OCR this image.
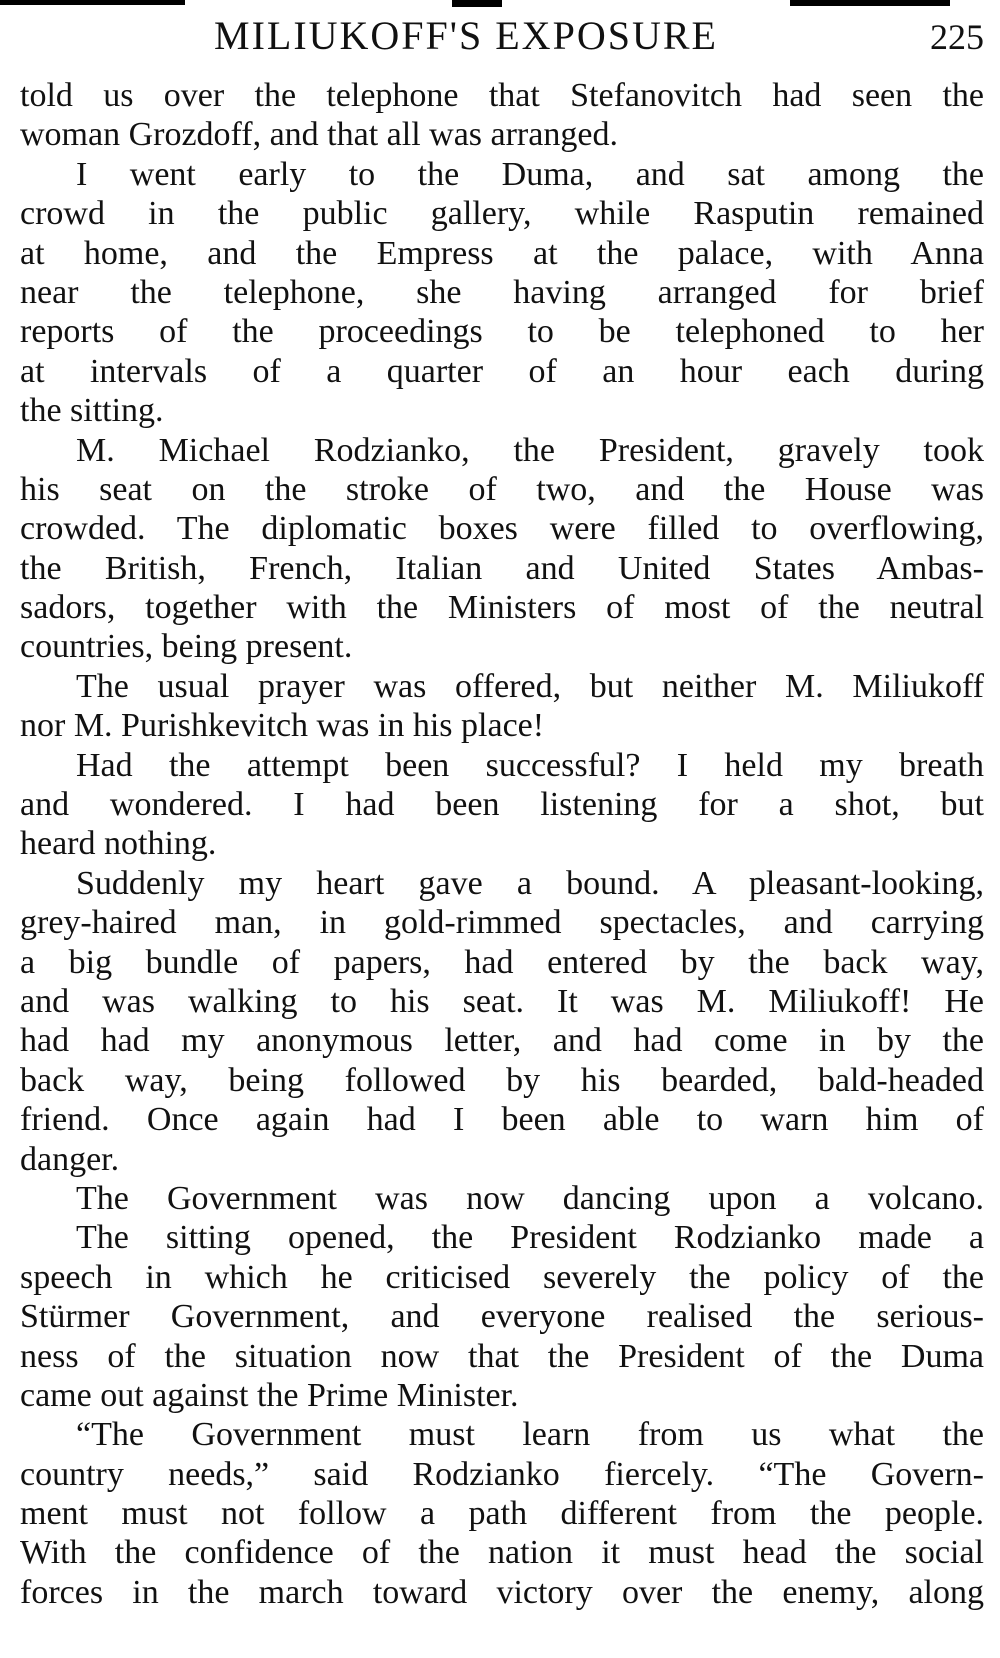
MILIUKOFF'S EXPOSURE	225
told us over the telephone that Stefanovitch had seen the
woman Grozdoff, and that all was arranged.
I went early to the Duma, and sat among the
crowd in the public gallery, while Rasputin remained
at home, and the Empress at the palace, with Anna
near the telephone, she having arranged for brief
reports of the proceedings to be telephoned to her
at intervals of a quarter of an hour each during
the sitting.
M. Michael Rodzianko, the President, gravely took
his seat on the stroke of two, and the House was
crowded. The diplomatic boxes were filled to overflowing,
the British, French, Italian and United States Ambas-
sadors, together with the Ministers of most of the neutral
countries, being present.
The usual prayer was offered, but neither M. Miliukoff
nor M. Purishkevitch was in his place!
Had the attempt been successful? I held my breath
and wondered. I had been listening for a shot, but
heard nothing.
Suddenly my heart gave a bound. A pleasant-looking,
grey-haired man, in gold-rimmed spectacles, and carrying
a big bundle of papers, had entered by the back way,
and was walking to his seat. It was M. Miliukoff! He
had had my anonymous letter, and had come in by the
back way, being followed by his bearded, bald-headed
friend. Once again had I been able to warn him of
danger.
The Government was now dancing upon a volcano.
The sitting opened, the President Rodzianko made a
speech in which he criticised severely the policy of the
Stürmer Government, and everyone realised the serious-
ness of the situation now that the President of the Duma
came out against the Prime Minister.
“The Government must learn from us what the
country needs,” said Rodzianko fiercely. “The Govern-
ment must not follow a path different from the people.
With the confidence of the nation it must head the social
forces in the march toward victory over the enemy, along
